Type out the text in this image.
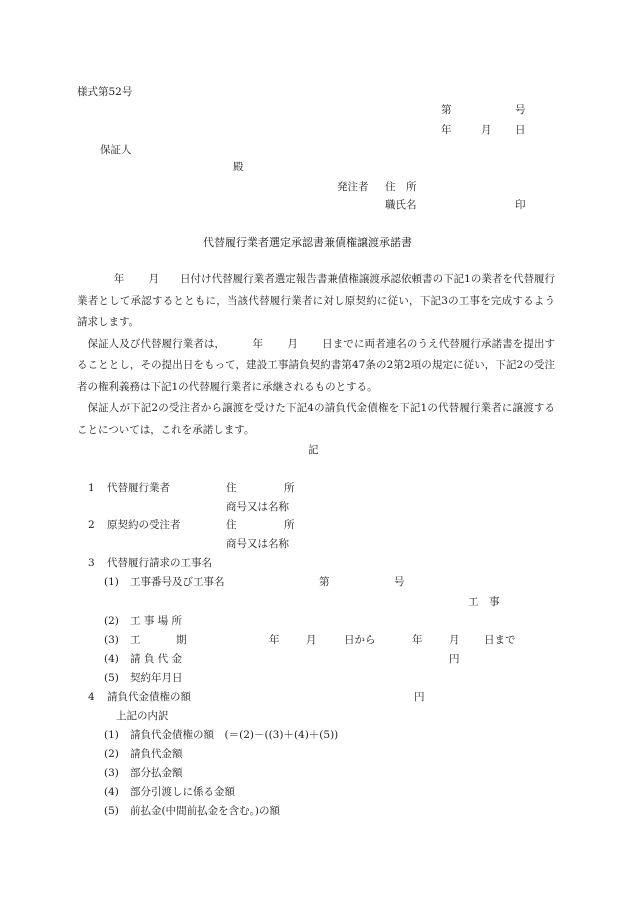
様式第52号
第	号
年	月 日
保証人
殿
発注者 住　所
職氏名	印
代替履行業者選定承認書兼債権譲渡承諾書

年 月 日付け代替履行業者選定報告書兼債権譲渡承認依頼書の下記1の業者を代替履行業者として承認するとともに，当該代替履行業者に対し原契約に従い，下記3の工事を完成するよう請求します。

保証人及び代替履行業者は，	年 月 日までに両者連名のうえ代替履行承諾書を提出することとし，その提出日をもって，建設工事請負契約書第47条の2第2項の規定に従い，下記2の受注者の権利義務は下記1の代替履行業者に承継されるものとする。

保証人が下記2の受注者から譲渡を受けた下記4の請負代金債権を下記1の代替履行業者に譲渡することについては，これを承諾します。

記
1 代替履行業者	住	所
商号又は名称
2 原契約の受注者	住	所
商号又は名称
3 代替履行請求の工事名
(1) 工事番号及び工事名	第	号
工　事
(2) 工 事 場 所
(3) 工	期	年	月	日から	年	月 日まで
(4) 請 負 代 金	円
(5) 契約年月日
4 請負代金債権の額	円
上記の内訳
(1) 請負代金債権の額　(＝(2)－((3)＋(4)＋(5))
(2) 請負代金額
(3) 部分払金額
(4) 部分引渡しに係る金額
(5) 前払金(中間前払金を含む。)の額
